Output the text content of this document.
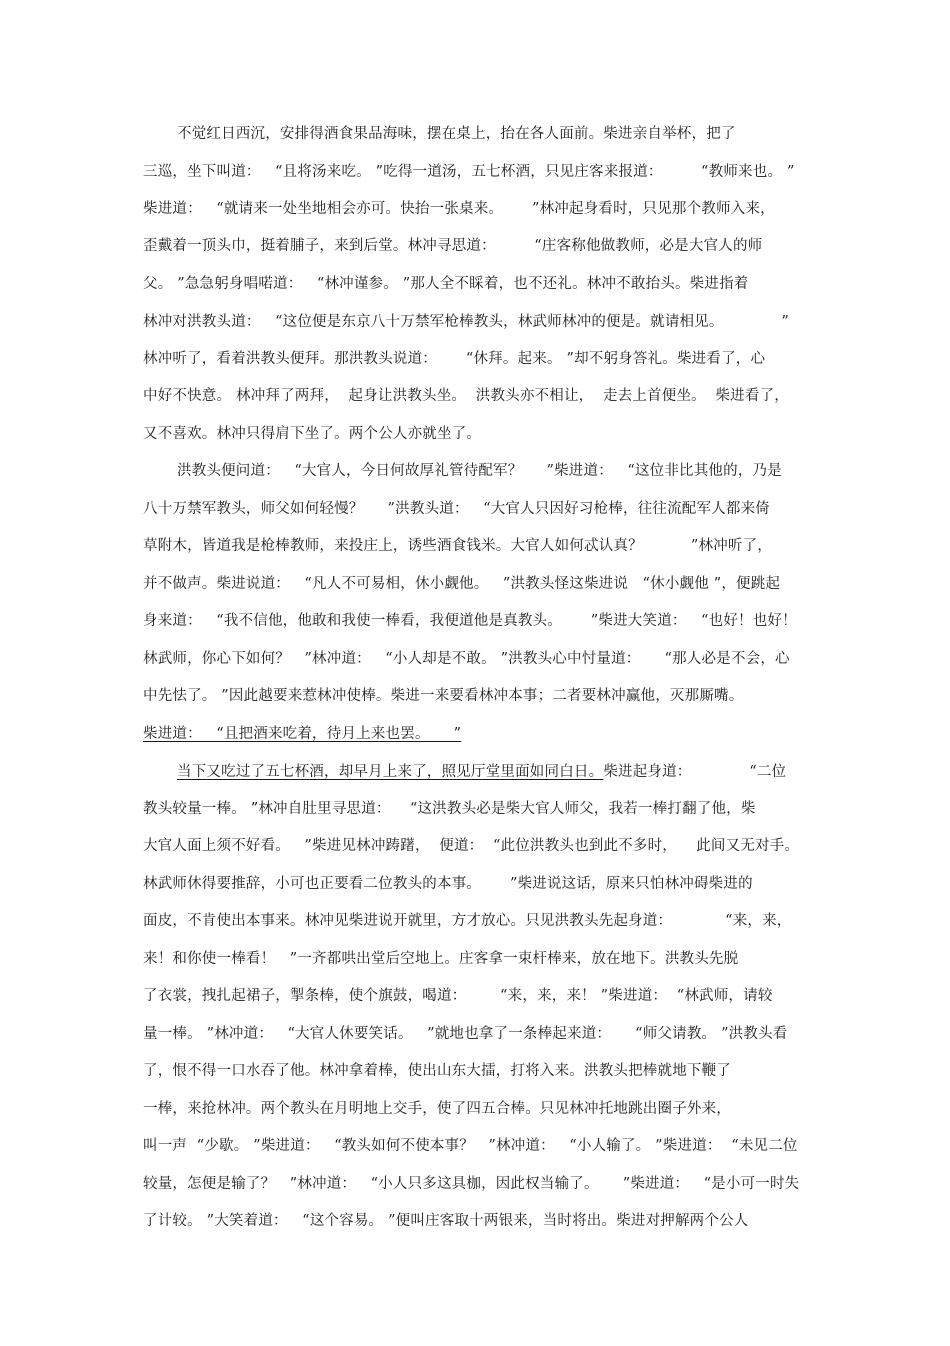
不觉红日西沉，安排得酒食果品海味，摆在桌上，抬在各人面前。柴进亲自举杯，把了
三巡，坐下叫道：   “且将汤来吃。 ”吃得一道汤，五七杯酒，只见庄客来报道：        “教师来也。 ”
柴进道：   “就请来一处坐地相会亦可。快抬一张桌来。      ”林冲起身看时，只见那个教师入来，
歪戴着一顶头巾，挺着脯子，来到后堂。林冲寻思道：        “庄客称他做教师，必是大官人的师
父。 ”急急躬身唱喏道：   “林冲谨参。 ”那人全不睬着，也不还礼。林冲不敢抬头。柴进指着
林冲对洪教头道：   “这位便是东京八十万禁军枪棒教头，林武师林冲的便是。就请相见。            ”
林冲听了，看着洪教头便拜。那洪教头说道：      “休拜。起来。 ”却不躬身答礼。柴进看了，心
中好不快意。 林冲拜了两拜，  起身让洪教头坐。  洪教头亦不相让，  走去上首便坐。  柴进看了，
又不喜欢。林冲只得肩下坐了。两个公人亦就坐了。
洪教头便问道：   “大官人，今日何故厚礼管待配军？     ”柴进道：   “这位非比其他的，乃是
八十万禁军教头，师父如何轻慢？     ”洪教头道：   “大官人只因好习枪棒，往往流配军人都来倚
草附木，皆道我是枪棒教师，来投庄上，诱些酒食钱米。大官人如何忒认真？          ”林冲听了，
并不做声。柴进说道：   “凡人不可易相，休小觑他。   ”洪教头怪这柴进说   “休小觑他 ”，便跳起
身来道：   “我不信他，他敢和我使一棒看，我便道他是真教头。      ”柴进大笑道：   “也好！也好！
林武师，你心下如何？   ”林冲道：   “小人却是不敢。 ”洪教头心中忖量道：     “那人必是不会，心
中先怯了。 ”因此越要来惹林冲使棒。柴进一来要看林冲本事；二者要林冲赢他，灭那厮嘴。
柴进道：   “且把酒来吃着，待月上来也罢。     ”
当下又吃过了五七杯酒，却早月上来了，照见厅堂里面如同白日。柴进起身道：            “二位
教头较量一棒。 ”林冲自肚里寻思道：    “这洪教头必是柴大官人师父，我若一棒打翻了他，柴
大官人面上须不好看。   ”柴进见林冲踌躇，  便道：  “此位洪教头也到此不多时，    此间又无对手。
林武师休得要推辞，小可也正要看二位教头的本事。      ”柴进说这话，原来只怕林冲碍柴进的
面皮，不肯使出本事来。林冲见柴进说开就里，方才放心。只见洪教头先起身道：           “来，来，
来！和你使一棒看！   ”一齐都哄出堂后空地上。庄客拿一束杆棒来，放在地下。洪教头先脱
了衣裳，拽扎起裙子，掣条棒，使个旗鼓，喝道：       “来，来，来！ ”柴进道：  “林武师，请较
量一棒。 ”林冲道：   “大官人休要笑话。   ”就地也拿了一条棒起来道：     “师父请教。 ”洪教头看
了，恨不得一口水吞了他。林冲拿着棒，使出山东大擂，打将入来。洪教头把棒就地下鞭了
一棒，来抢林冲。两个教头在月明地上交手，使了四五合棒。只见林冲托地跳出圈子外来，
叫一声  “少歇。 ”柴进道：   “教头如何不使本事？   ”林冲道：   “小人输了。 ”柴进道：  “未见二位
较量，怎便是输了？   ”林冲道：   “小人只多这具枷，因此权当输了。     ”柴进道：   “是小可一时失
了计较。 ”大笑着道：   “这个容易。 ”便叫庄客取十两银来，当时将出。柴进对押解两个公人
